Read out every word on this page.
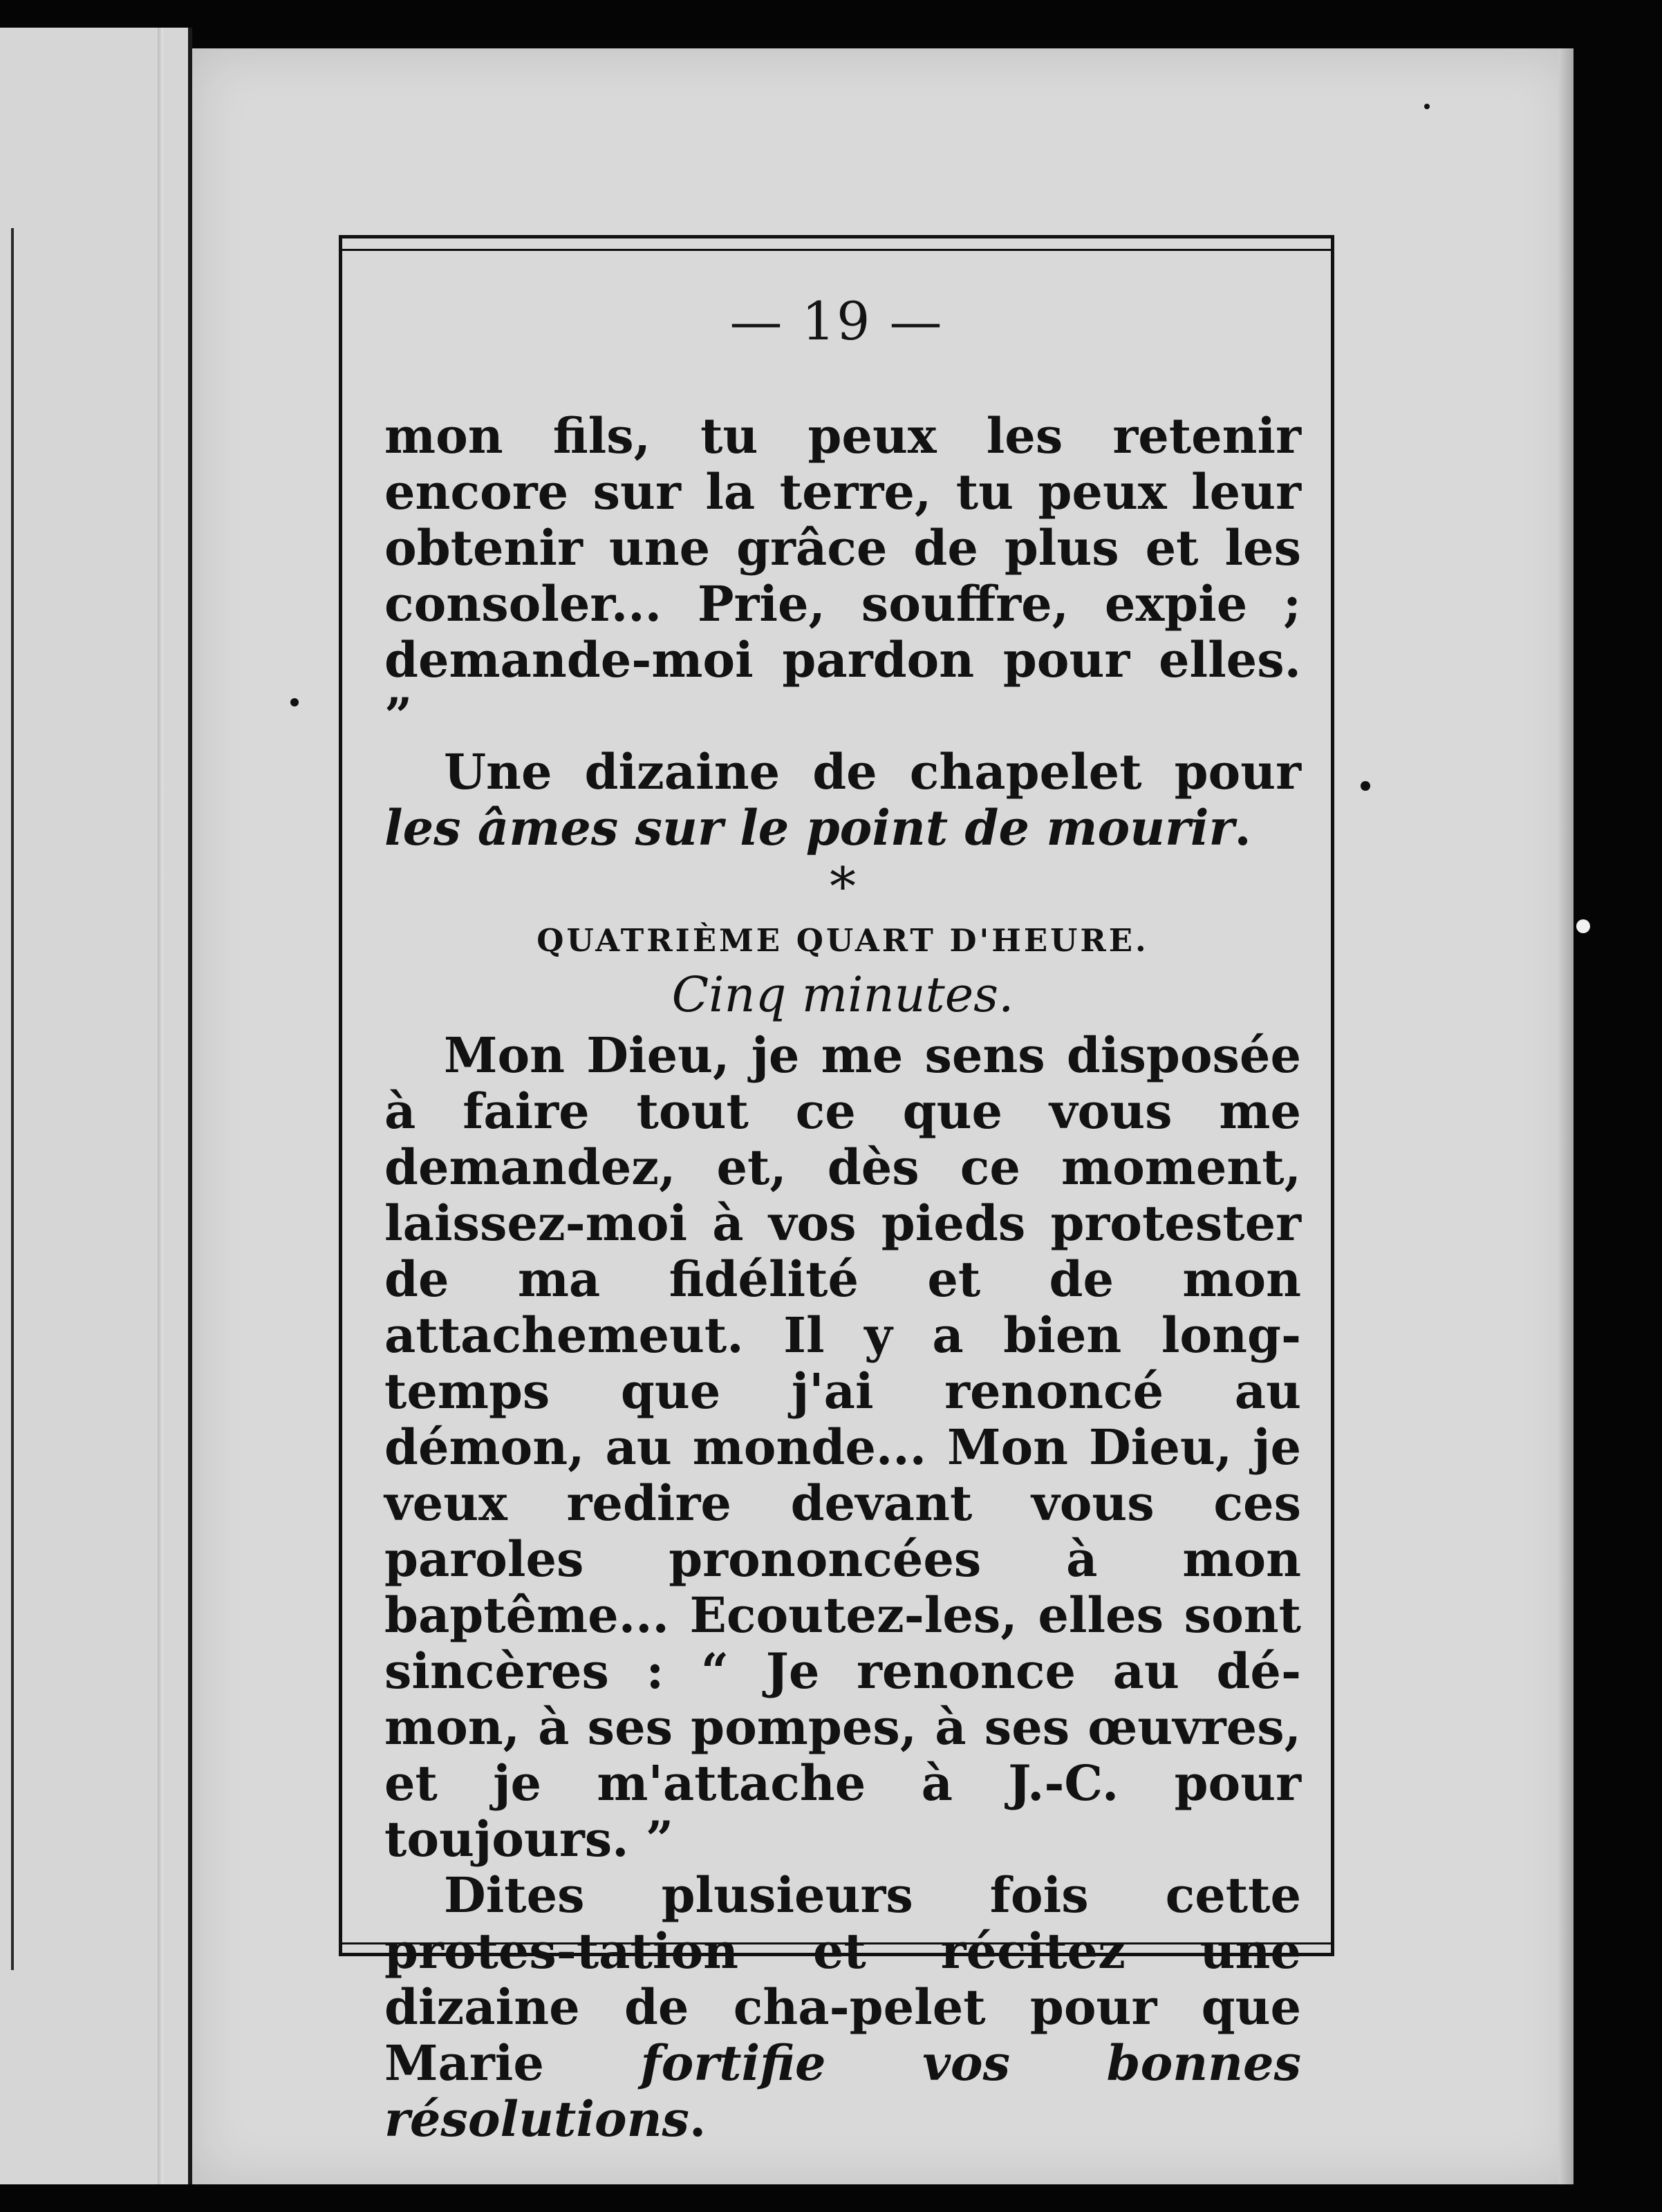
— 19 —

mon fils, tu peux les retenir encore sur la terre, tu peux leur obtenir une grâce de plus et les consoler... Prie, souffre, expie ; demande-moi pardon pour elles. ”

Une dizaine de chapelet pour les âmes sur le point de mourir.

*

QUATRIÈME QUART D'HEURE.

Cinq minutes.

Mon Dieu, je me sens disposée à faire tout ce que vous me demandez, et, dès ce moment, laissez-moi à vos pieds protester de ma fidélité et de mon attachemeut. Il y a bien long-temps que j'ai renoncé au démon, au monde... Mon Dieu, je veux redire devant vous ces paroles prononcées à mon baptême... Ecoutez-les, elles sont sincères : “ Je renonce au dé-mon, à ses pompes, à ses œuvres, et je m'attache à J.-C. pour toujours. ”

Dites plusieurs fois cette protes-tation et récitez une dizaine de cha-pelet pour que Marie fortifie vos bonnes résolutions.
